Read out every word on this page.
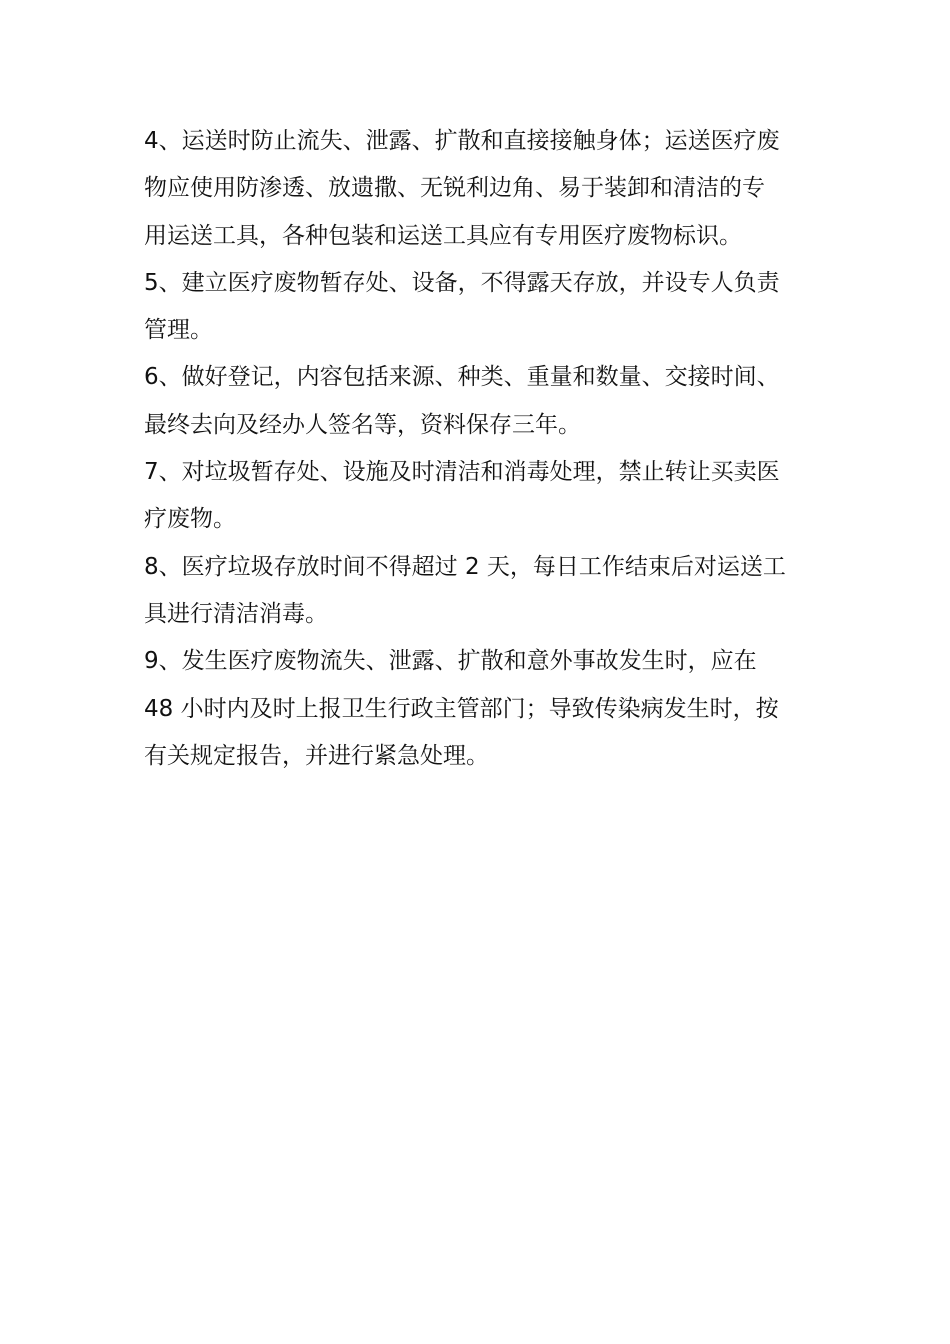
4、运送时防止流失、泄露、扩散和直接接触身体；运送医疗废
物应使用防渗透、放遗撒、无锐利边角、易于装卸和清洁的专
用运送工具，各种包装和运送工具应有专用医疗废物标识。

5、建立医疗废物暂存处、设备，不得露天存放，并设专人负责
管理。

6、做好登记，内容包括来源、种类、重量和数量、交接时间、
最终去向及经办人签名等，资料保存三年。

7、对垃圾暂存处、设施及时清洁和消毒处理，禁止转让买卖医
疗废物。

8、医疗垃圾存放时间不得超过 2 天，每日工作结束后对运送工
具进行清洁消毒。

9、发生医疗废物流失、泄露、扩散和意外事故发生时，应在
48 小时内及时上报卫生行政主管部门；导致传染病发生时，按
有关规定报告，并进行紧急处理。
